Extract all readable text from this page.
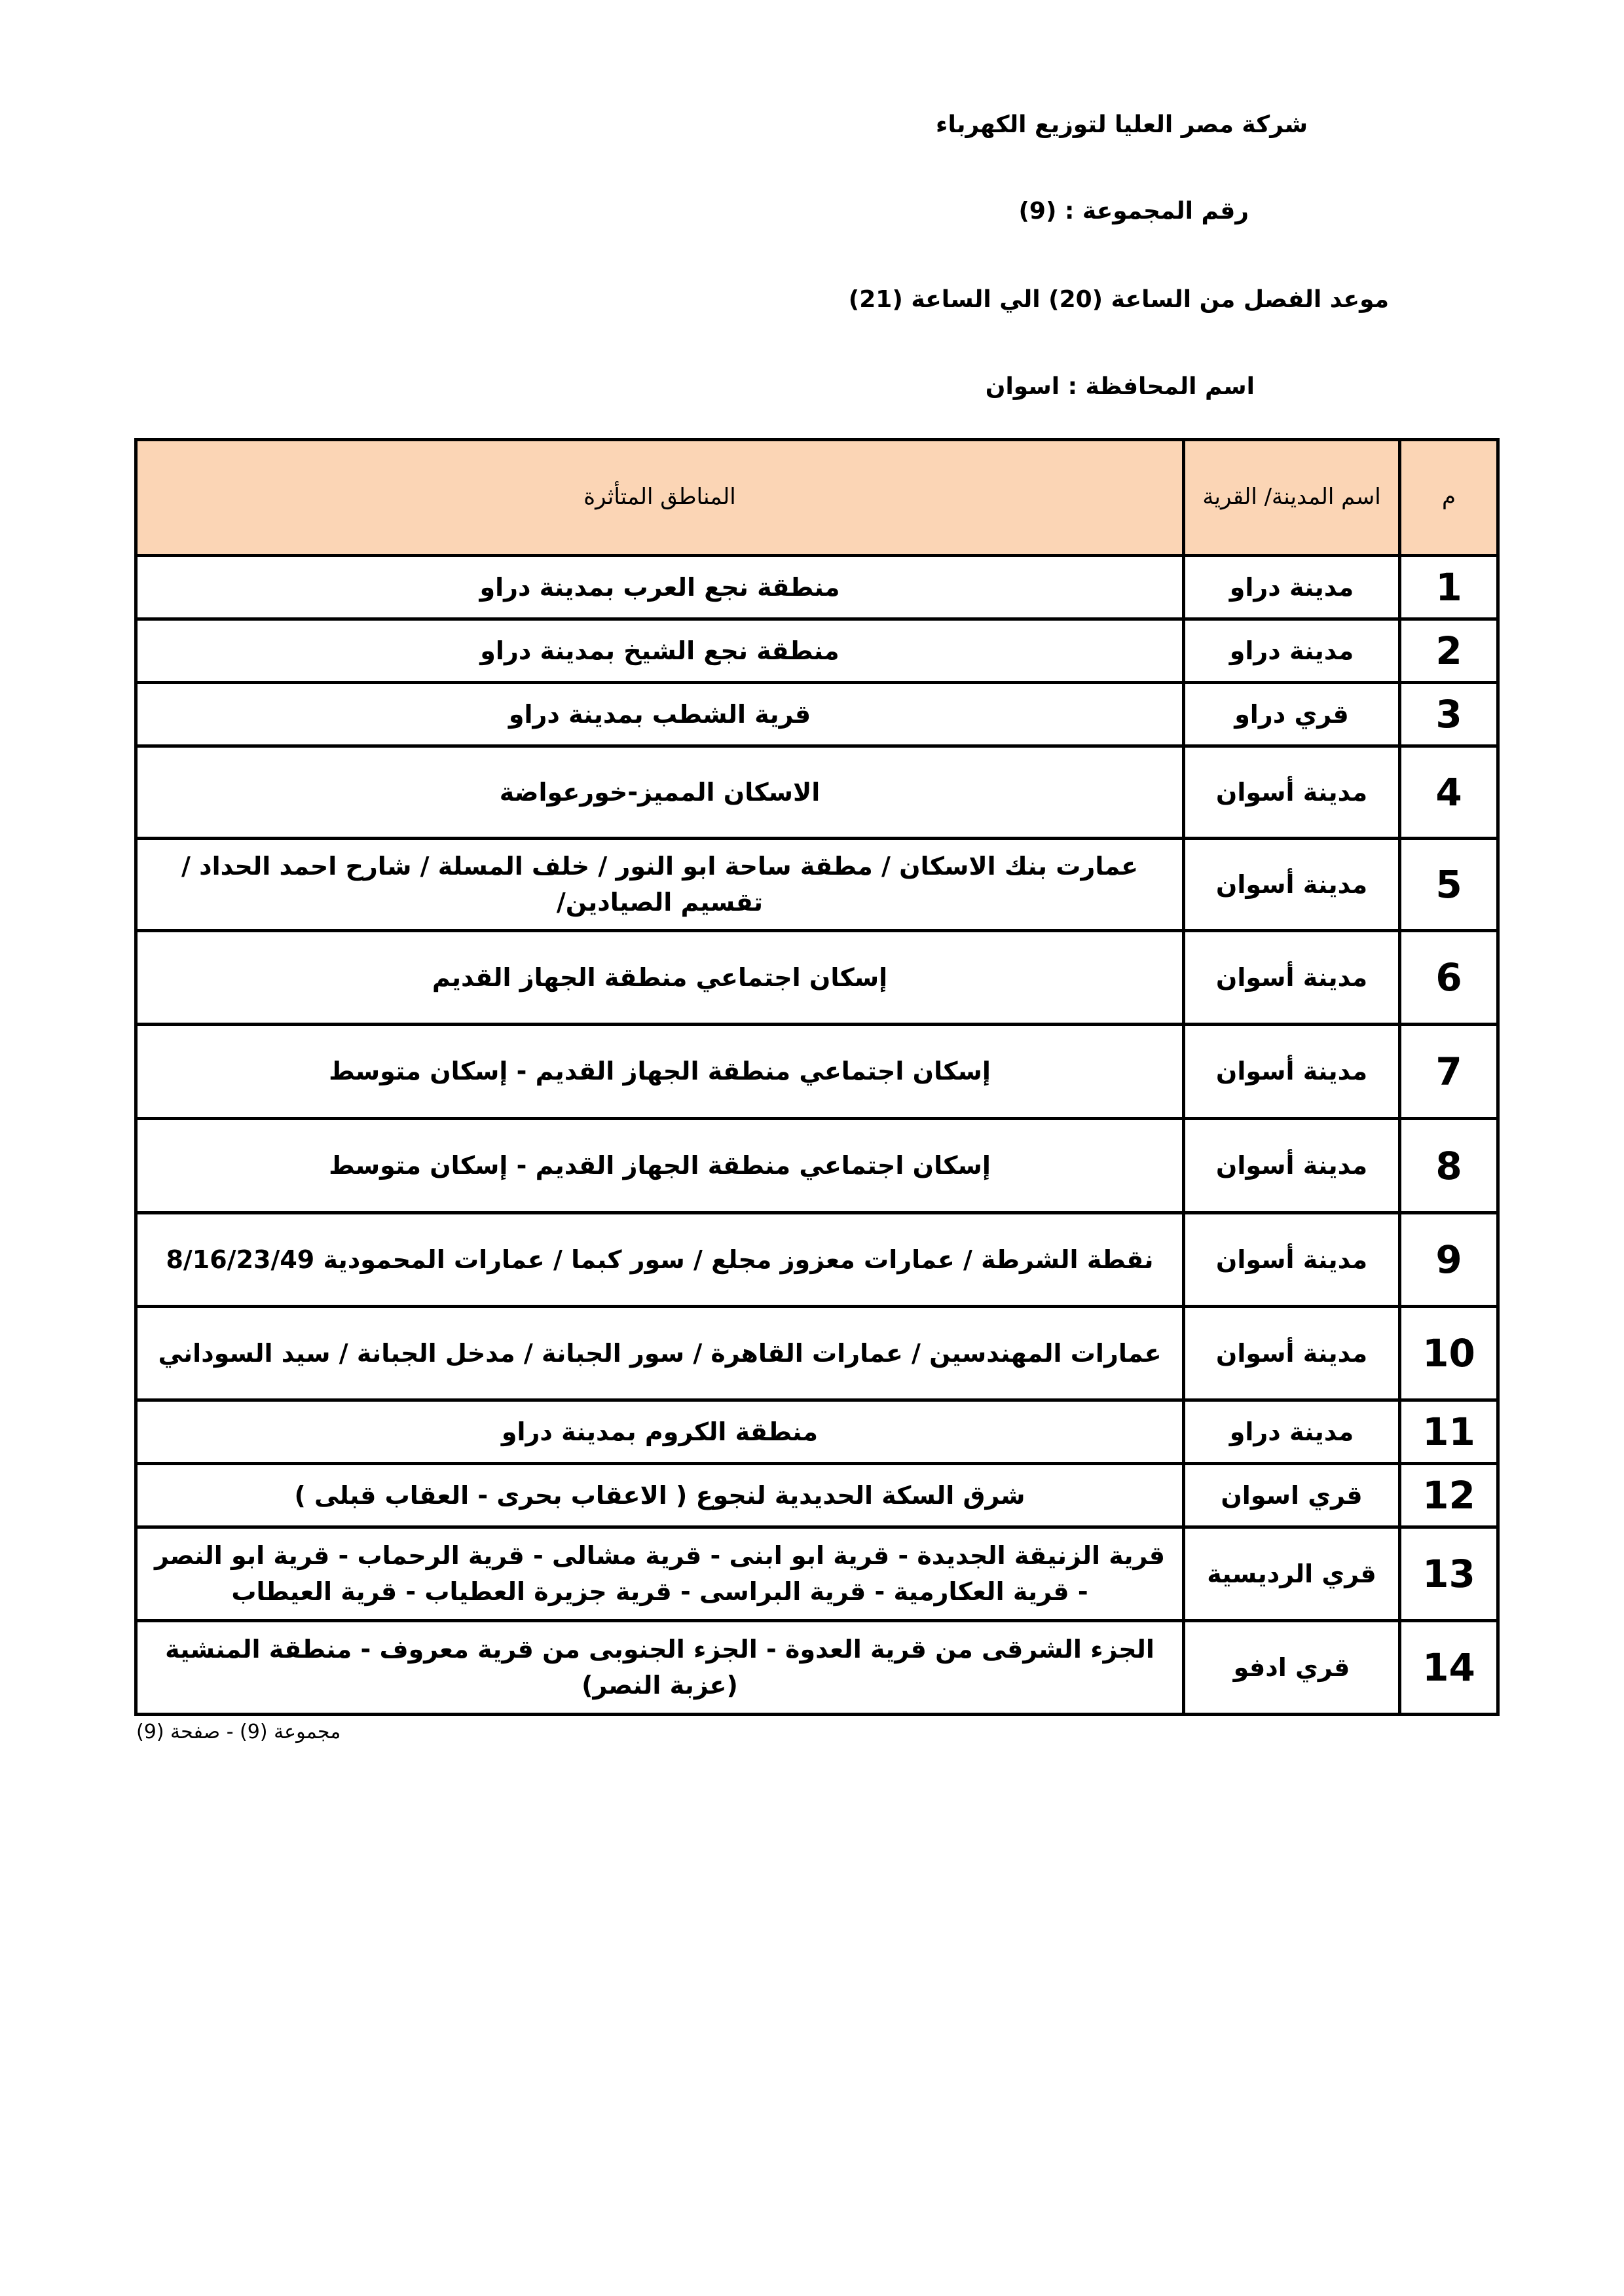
شركة مصر العليا لتوزيع الكهرباء
رقم المجموعة : (9)
موعد الفصل من الساعة (20) الي الساعة (21)
اسم المحافظة : اسوان
م	اسم المدينة/ القرية	المناطق المتأثرة
1	مدينة دراو	منطقة نجع العرب بمدينة دراو
2	مدينة دراو	منطقة نجع الشيخ بمدينة دراو
3	قري دراو	قرية الشطب بمدينة دراو
4	مدينة أسوان	الاسكان المميز-خورعواضة
5	مدينة أسوان	عمارت بنك الاسكان / مطقة ساحة ابو النور / خلف المسلة / شارح احمد الحداد / تقسيم الصيادين/
6	مدينة أسوان	إسكان اجتماعي منطقة الجهاز القديم
7	مدينة أسوان	إسكان اجتماعي منطقة الجهاز القديم - إسكان متوسط
8	مدينة أسوان	إسكان اجتماعي منطقة الجهاز القديم - إسكان متوسط
9	مدينة أسوان	نقطة الشرطة / عمارات معزوز مجلع / سور كبما / عمارات المحمودية 8/16/23/49
10	مدينة أسوان	عمارات المهندسين / عمارات القاهرة / سور الجبانة / مدخل الجبانة / سيد السوداني
11	مدينة دراو	منطقة الكروم بمدينة دراو
12	قري اسوان	شرق السكة الحديدية لنجوع ( الاعقاب بحرى - العقاب قبلى )
13	قري الرديسية	قرية الزنيقة الجديدة - قرية ابو ابنى - قرية مشالى - قرية الرحماب - قرية ابو النصر - قرية العكارمية - قرية البراسى - قرية جزيرة العطياب - قرية العيطاب
14	قري ادفو	الجزء الشرقى من قرية العدوة - الجزء الجنوبى من قرية معروف - منطقة المنشية (عزبة النصر)
مجموعة (9) - صفحة (9)
